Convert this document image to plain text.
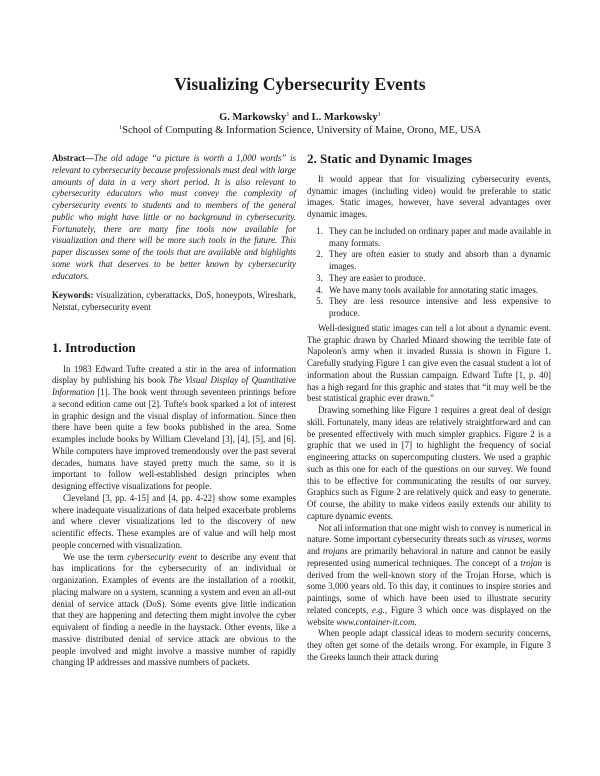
Visualizing Cybersecurity Events
G. Markowsky$^1$ and L. Markowsky$^1$
$^1$School of Computing & Information Science, University of Maine, Orono, ME, USA

Abstract—The old adage “a picture is worth a 1,000 words” is relevant to cybersecurity because professionals must deal with large amounts of data in a very short period. It is also relevant to cybersecurity educators who must convey the complexity of cybersecurity events to students and to members of the general public who might have little or no background in cybersecurity. Fortunately, there are many fine tools now available for visualization and there will be more such tools in the future. This paper discusses some of the tools that are available and highlights some work that deserves to be better known by cybersecurity educators.

Keywords: visualization, cyberattacks, DoS, honeypots, Wireshark, Netstat, cybersecurity event

1. Introduction

In 1983 Edward Tufte created a stir in the area of information display by publishing his book The Visual Display of Quantitative Information [1]. The book went through seventeen printings before a second edition came out [2]. Tufte's book sparked a lot of interest in graphic design and the visual display of information. Since then there have been quite a few books published in the area. Some examples include books by William Cleveland [3], [4], [5], and [6]. While computers have improved tremendously over the past several decades, humans have stayed pretty much the same, so it is important to follow well-established design principles when designing effective visualizations for people.

Cleveland [3, pp. 4-15] and [4, pp. 4-22] show some examples where inadequate visualizations of data helped exacerbate problems and where clever visualizations led to the discovery of new scientific effects. These examples are of value and will help most people concerned with visualization.

We use the term cybersecurity event to describe any event that has implications for the cybersecurity of an individual or organization. Examples of events are the installation of a rootkit, placing malware on a system, scanning a system and even an all-out denial of service attack (DoS). Some events give little indication that they are happening and detecting them might involve the cyber equivalent of finding a needle in the haystack. Other events, like a massive distributed denial of service attack are obvious to the people involved and might involve a massive number of rapidly changing IP addresses and massive numbers of packets.

2. Static and Dynamic Images

It would appear that for visualizing cybersecurity events, dynamic images (including video) would be preferable to static images. Static images, however, have several advantages over dynamic images.

1. They can be included on ordinary paper and made available in many formats.
2. They are often easier to study and absorb than a dynamic images.
3. They are easier to produce.
4. We have many tools available for annotating static images.
5. They are less resource intensive and less expensive to produce.

Well-designed static images can tell a lot about a dynamic event. The graphic drawn by Charled Minard showing the terrible fate of Napoleon's army when it invaded Russia is shown in Figure 1. Carefully studying Figure 1 can give even the casual student a lot of information about the Russian campaign. Edward Tufte [1, p. 40] has a high regard for this graphic and states that “it may well be the best statistical graphic ever drawn.”

Drawing something like Figure 1 requires a great deal of design skill. Fortunately, many ideas are relatively straightforward and can be presented effectively with much simpler graphics. Figure 2 is a graphic that we used in [7] to highlight the frequency of social engineering attacks on supercomputing clusters. We used a graphic such as this one for each of the questions on our survey. We found this to be effective for communicating the results of our survey. Graphics such as Figure 2 are relatively quick and easy to generate. Of course, the ability to make videos easily extends our ability to capture dynamic events.

Not all information that one might wish to convey is numerical in nature. Some important cybersecurity threats such as viruses, worms and trojans are primarily behavioral in nature and cannot be easily represented using numerical techniques. The concept of a trojan is derived from the well-known story of the Trojan Horse, which is some 3,000 years old. To this day, it continues to inspire stories and paintings, some of which have been used to illustrate security related concepts, e.g., Figure 3 which once was displayed on the website www.container-it.com.

When people adapt classical ideas to modern security concerns, they often get some of the details wrong. For example, in Figure 3 the Greeks launch their attack during
